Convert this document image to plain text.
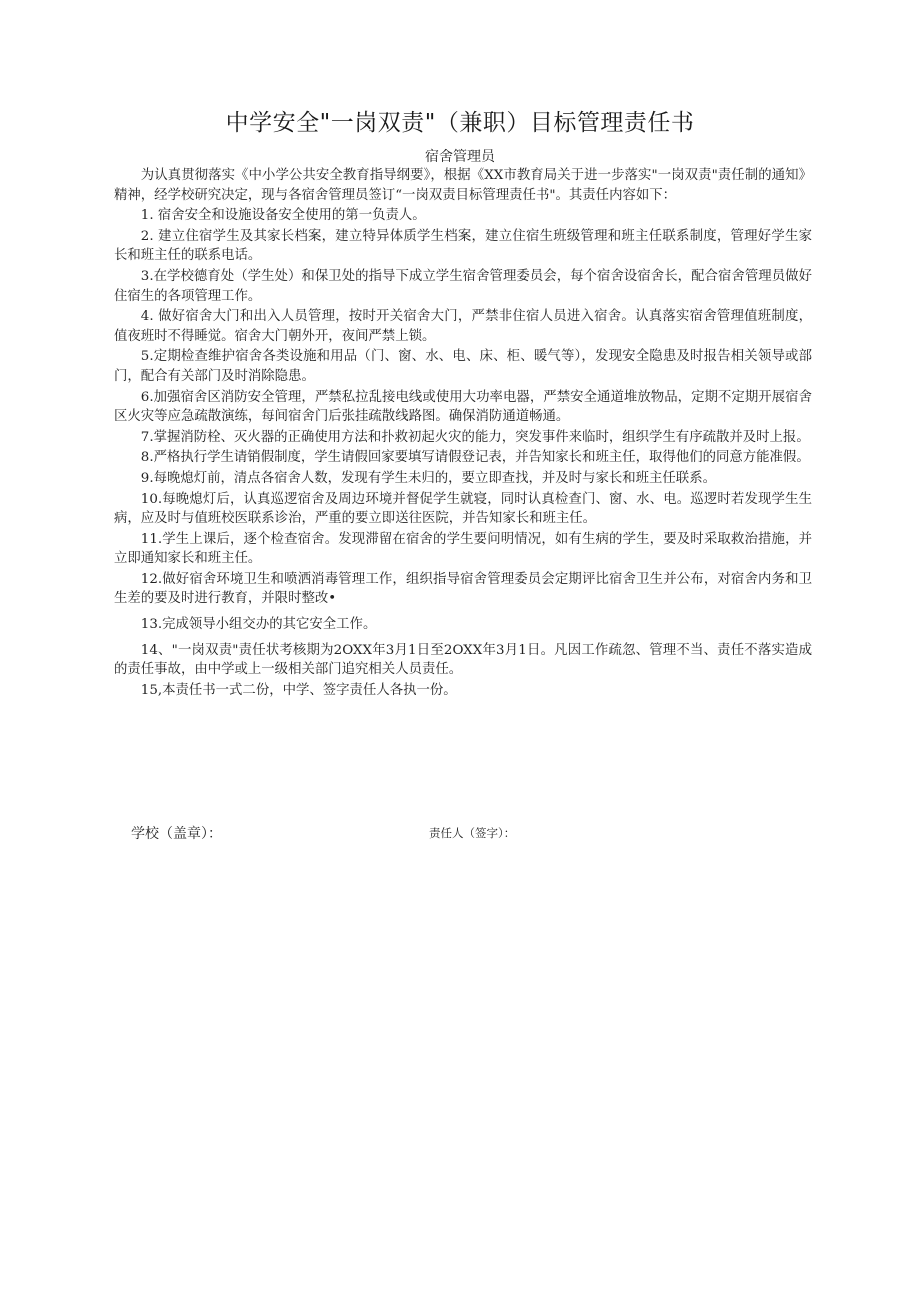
中学安全"一岗双责"（兼职）目标管理责任书
宿舍管理员

为认真贯彻落实《中小学公共安全教育指导纲要》，根据《XX市教育局关于进一步落实"一岗双责"责任制的通知》精神，经学校研究决定，现与各宿舍管理员签订“一岗双责目标管理责任书"。其责任内容如下：

1. 宿舍安全和设施设备安全使用的第一负责人。

2. 建立住宿学生及其家长档案，建立特异体质学生档案，建立住宿生班级管理和班主任联系制度，管理好学生家长和班主任的联系电话。

3.在学校德育处（学生处）和保卫处的指导下成立学生宿舍管理委员会，每个宿舍设宿舍长，配合宿舍管理员做好住宿生的各项管理工作。

4. 做好宿舍大门和出入人员管理，按时开关宿舍大门，严禁非住宿人员进入宿舍。认真落实宿舍管理值班制度，值夜班时不得睡觉。宿舍大门朝外开，夜间严禁上锁。

5.定期检查维护宿舍各类设施和用品（门、窗、水、电、床、柜、暖气等），发现安全隐患及时报告相关领导或部门，配合有关部门及时消除隐患。

6.加强宿舍区消防安全管理，严禁私拉乱接电线或使用大功率电器，严禁安全通道堆放物品，定期不定期开展宿舍区火灾等应急疏散演练，每间宿舍门后张挂疏散线路图。确保消防通道畅通。

7.掌握消防栓、灭火器的正确使用方法和扑救初起火灾的能力，突发事件来临时，组织学生有序疏散并及时上报。

8.严格执行学生请销假制度，学生请假回家要填写请假登记表，并告知家长和班主任，取得他们的同意方能准假。

9.每晚熄灯前，清点各宿舍人数，发现有学生未归的，要立即查找，并及时与家长和班主任联系。

10.每晚熄灯后，认真巡逻宿舍及周边环境并督促学生就寝，同时认真检查门、窗、水、电。巡逻时若发现学生生病，应及时与值班校医联系诊治，严重的要立即送往医院，并告知家长和班主任。

11.学生上课后，逐个检查宿舍。发现滞留在宿舍的学生要问明情况，如有生病的学生，要及时采取救治措施，并立即通知家长和班主任。

12.做好宿舍环境卫生和喷洒消毒管理工作，组织指导宿舍管理委员会定期评比宿舍卫生并公布，对宿舍内务和卫生差的要及时进行教育，并限时整改•

13.完成领导小组交办的其它安全工作。

14、"一岗双责"责任状考核期为2OXX年3月1日至2OXX年3月1日。凡因工作疏忽、管理不当、责任不落实造成的责任事故，由中学或上一级相关部门追究相关人员责任。

15,本责任书一式二份，中学、签字责任人各执一份。

学校（盖章）：	责任人（签字）：
